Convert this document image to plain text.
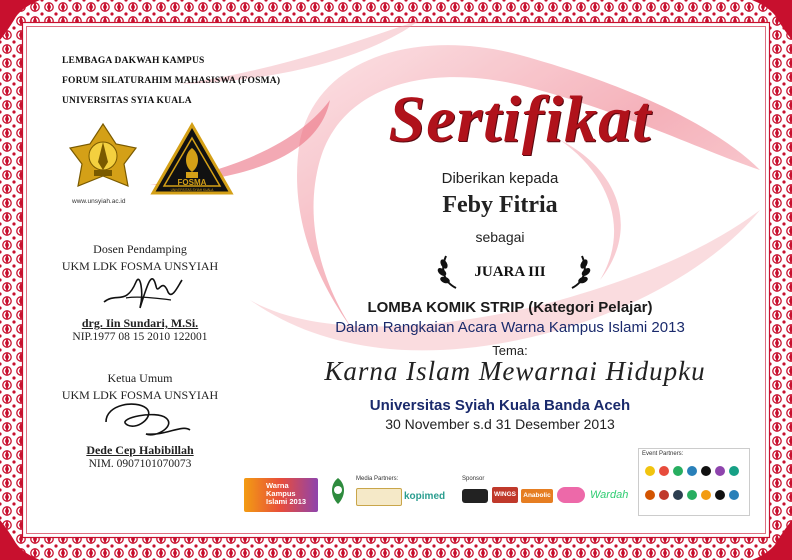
LEMBAGA DAKWAH KAMPUS
FORUM SILATURAHIM MAHASISWA (FOSMA)
UNIVERSITAS SYIA KUALA
www.unsyiah.ac.id
FOSMA
UNIVERSITAS SYIAH KUALA
Sertifikat
Diberikan kepada
Feby Fitria
sebagai
JUARA III
LOMBA KOMIK STRIP (Kategori Pelajar)
Dalam Rangkaian Acara Warna Kampus Islami 2013
Tema:
Karna Islam Mewarnai Hidupku
Universitas Syiah Kuala Banda Aceh
30 November s.d 31 Desember 2013
Dosen Pendamping
UKM LDK FOSMA UNSYIAH
drg. Iin Sundari, M.Si.
NIP.1977 08 15 2010 122001
Ketua Umum
UKM LDK FOSMA UNSYIAH
Dede Cep Habibillah
NIM. 0907101070073
Warna Kampus Islami 2013
Media Partners:
kopimed
Sponsor
WINGS	Anabolic	Wardah
Event Partners:
